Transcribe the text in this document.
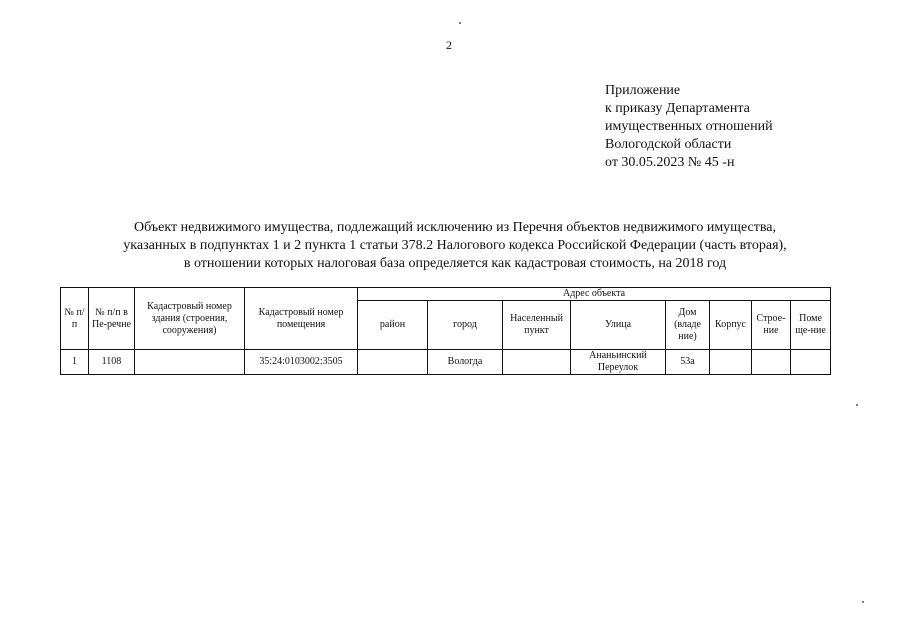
2
Приложение
к приказу Департамента
имущественных отношений
Вологодской области
от 30.05.2023 № 45 -н
Объект недвижимого имущества, подлежащий исключению из Перечня объектов недвижимого имущества,
указанных в подпунктах 1 и 2 пункта 1 статьи 378.2 Налогового кодекса Российской Федерации (часть вторая),
в отношении которых налоговая база определяется как кадастровая стоимость, на 2018 год
№ п/п	№ п/п в Пе-речне	Кадастровый номер здания (строения, сооружения)	Кадастровый номер помещения	Адрес объекта							
				район	город	Населенный пункт	Улица	Дом (владе ние)	Корпус	Строе-ние	Поме ще-ние
1	1108		35:24:0103002:3505		Вологда		Ананьинский Переулок	53а			
